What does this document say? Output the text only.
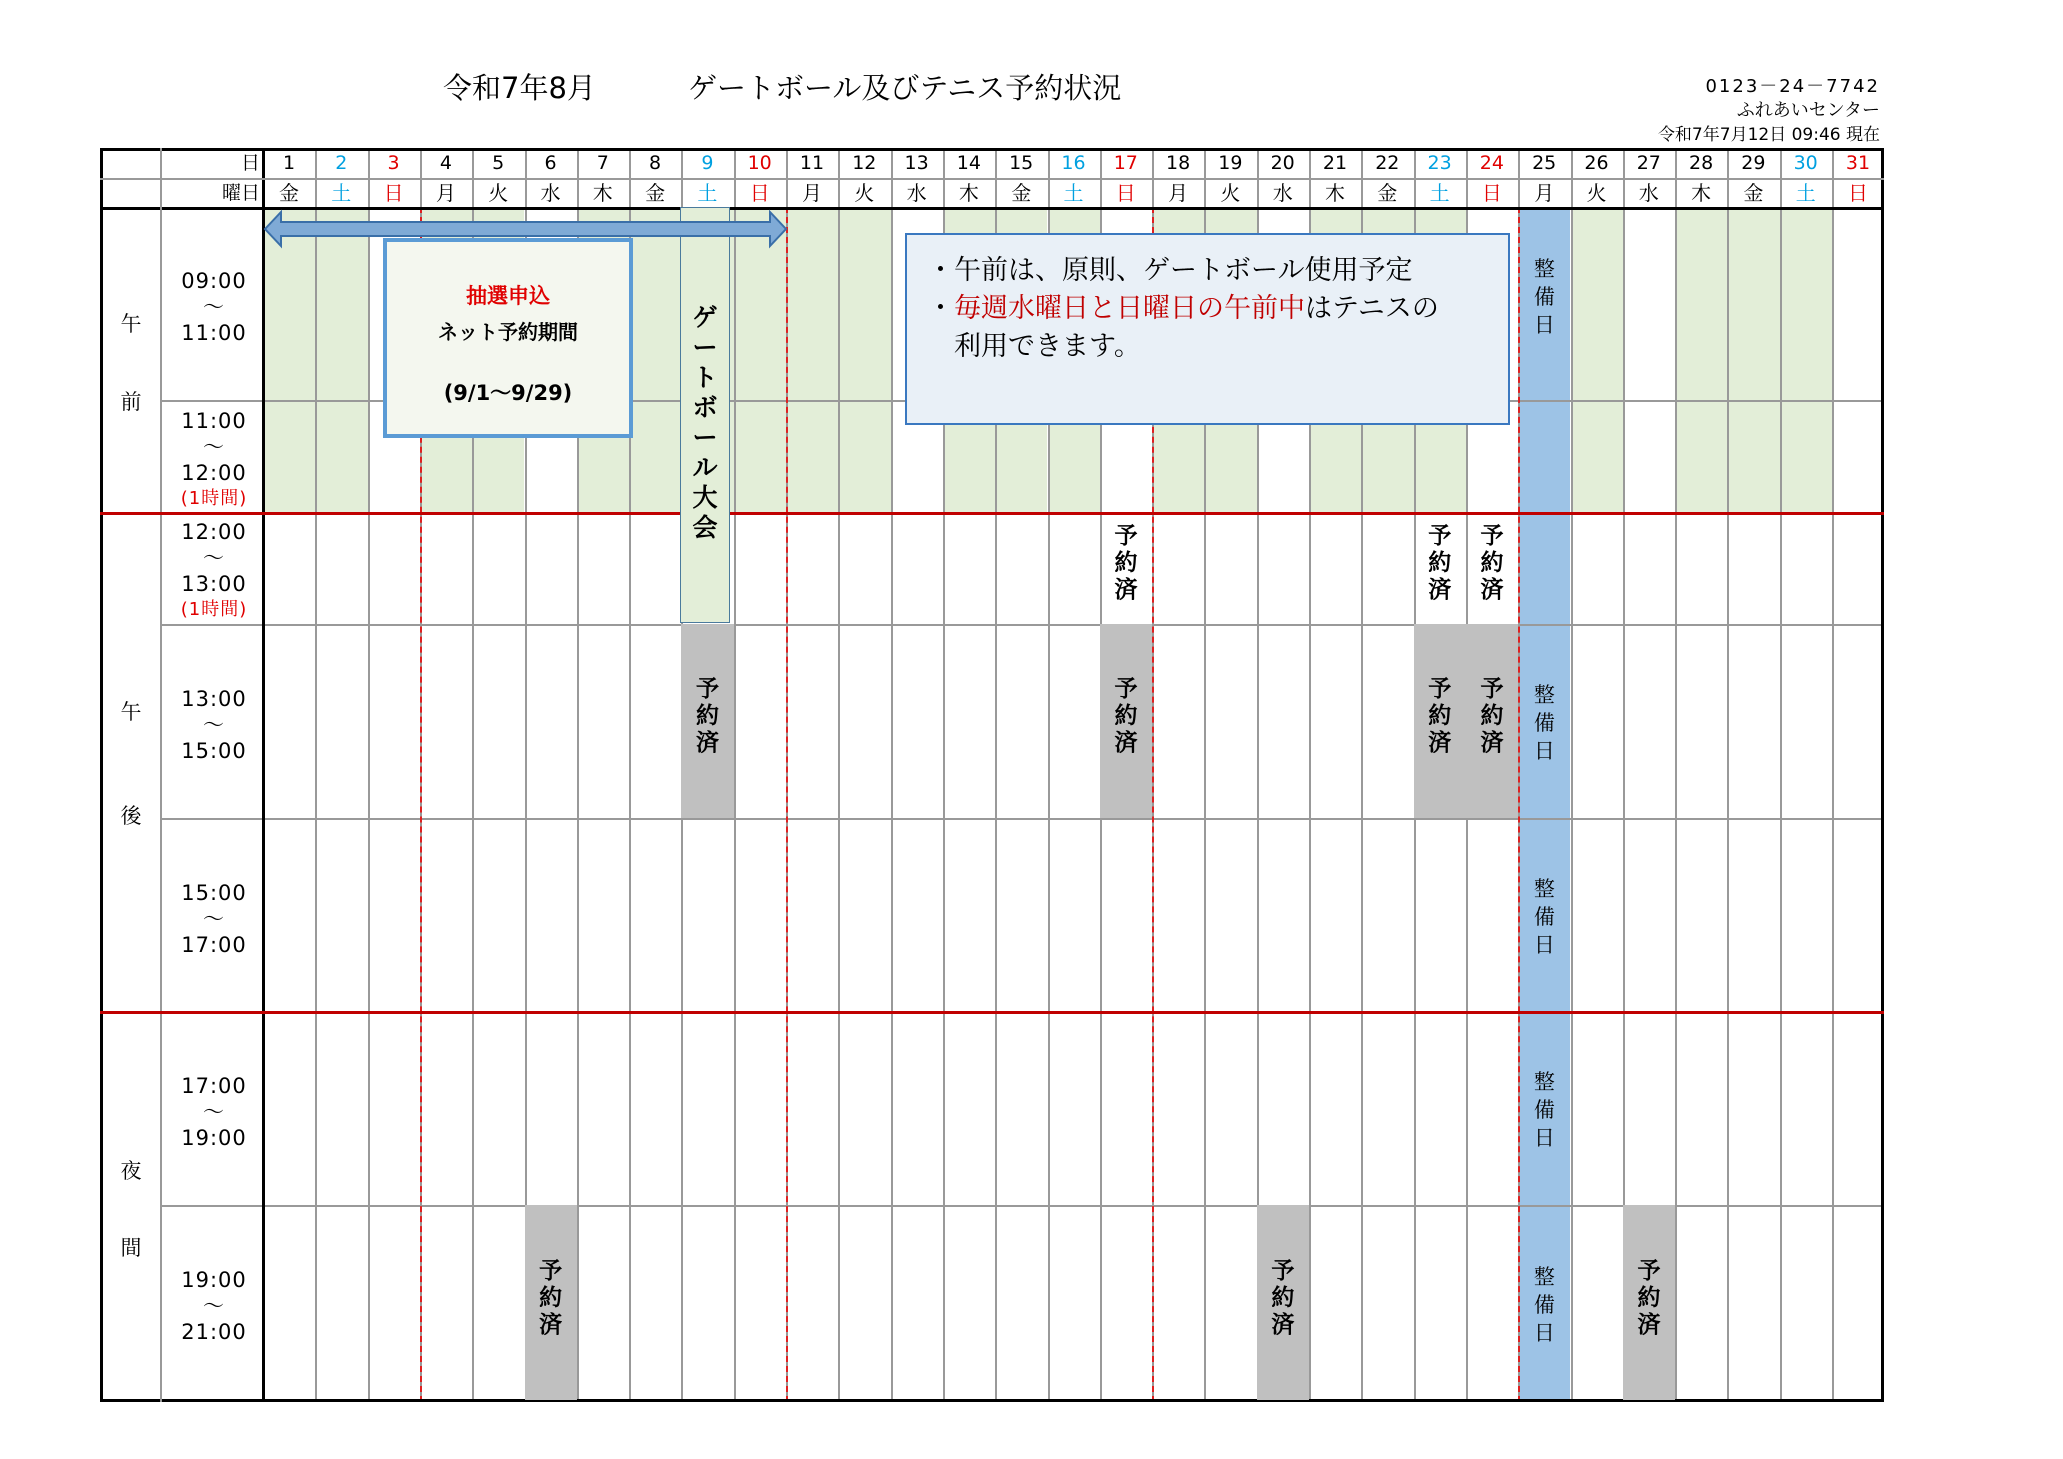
令和7年8月	ゲートボール及びテニス予約状況	0123－24－7742
ふれあいセンター
令和7年7月12日 09:46 現在
日
曜日
1
金
2
土
3
日
4
月
5
火
6
水
7
木
8
金
9
土
10
日
11
月
12
火
13
水
14
木
15
金
16
土
17
日
18
月
19
火
20
水
21
木
22
金
23
土
24
日
25
月
26
火
27
水
28
木
29
金
30
土
31
日
午
前
午
後
夜
間
09:00
～
11:00
11:00
～
12:00
(1時間)
12:00
～
13:00
(1時間)
13:00
～
15:00
15:00
～
17:00
17:00
～
19:00
19:00
～
21:00
予
約
済
予
約
済
予
約
済
予
約
済
予
約
済
予
約
済
予
約
済
予
約
済
予
約
済
予
約
済
整
備
日
整
備
日
整
備
日
整
備
日
整
備
日
ゲ
ー
ト
ボ
ー
ル
大
会
抽選申込
ネット予約期間
(9/1～9/29)
・午前は、原則、ゲートボール使用予定
・毎週水曜日と日曜日の午前中はテニスの
利用できます。
